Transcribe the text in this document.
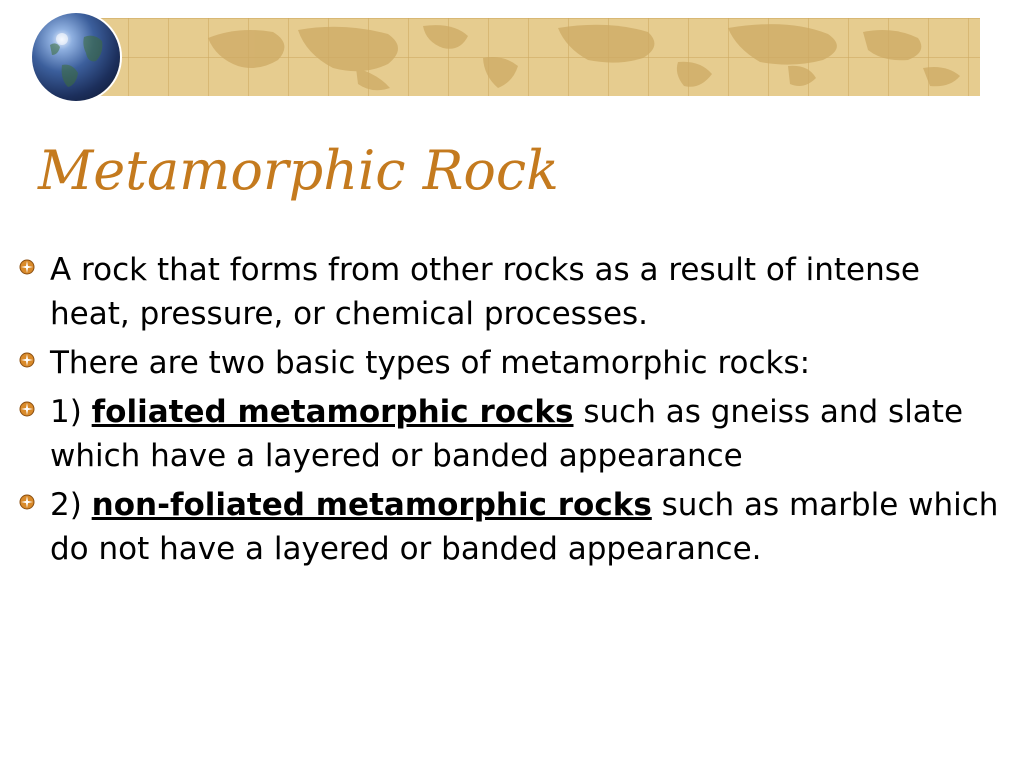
Metamorphic Rock
A rock that forms from other rocks as a result of intense heat, pressure, or chemical processes.
There are two basic types of metamorphic rocks:
1) foliated metamorphic rocks such as gneiss and slate which have a layered or banded appearance
2) non-foliated metamorphic rocks such as marble which do not have a layered or banded appearance.
